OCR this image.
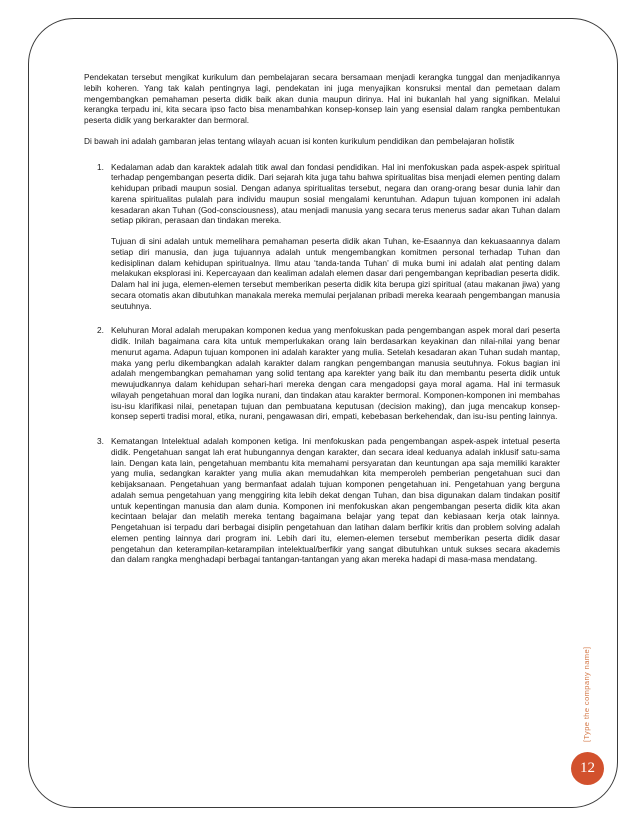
Pendekatan tersebut mengikat kurikulum dan pembelajaran secara bersamaan menjadi kerangka tunggal dan menjadikannya lebih koheren. Yang tak kalah pentingnya lagi, pendekatan ini juga menyajikan konsruksi mental dan pemetaan dalam mengembangkan pemahaman peserta didik baik akan dunia maupun dirinya. Hal ini bukanlah hal yang signifikan. Melalui kerangka terpadu ini, kita secara ipso facto bisa menambahkan konsep-konsep lain yang esensial dalam rangka pembentukan peserta didik yang berkarakter dan bermoral.

Di bawah ini adalah gambaran jelas tentang wilayah acuan isi konten kurikulum pendidikan dan pembelajaran holistik

1. Kedalaman adab dan karaktek adalah titik awal dan fondasi pendidikan. Hal ini menfokuskan pada aspek-aspek spiritual terhadap pengembangan peserta didik. Dari sejarah kita juga tahu bahwa spiritualitas bisa menjadi elemen penting dalam kehidupan pribadi maupun sosial. Dengan adanya spiritualitas tersebut, negara dan orang-orang besar dunia lahir dan karena spiritualitas pulalah para individu maupun sosial mengalami keruntuhan. Adapun tujuan komponen ini adalah kesadaran akan Tuhan (God-consciousness), atau menjadi manusia yang secara terus menerus sadar akan Tuhan dalam setiap pikiran, perasaan dan tindakan mereka.

Tujuan di sini adalah untuk memelihara pemahaman peserta didik akan Tuhan, ke-Esaannya dan kekuasaannya dalam setiap diri manusia, dan juga tujuannya adalah untuk mengembangkan komitmen personal terhadap Tuhan dan kedisiplinan dalam kehidupan spiritualnya. Ilmu atau ‘tanda-tanda Tuhan’ di muka bumi ini adalah alat penting dalam melakukan eksplorasi ini. Kepercayaan dan kealiman adalah elemen dasar dari pengembangan kepribadian peserta didik. Dalam hal ini juga, elemen-elemen tersebut memberikan peserta didik kita berupa gizi spiritual (atau makanan jiwa) yang secara otomatis akan dibutuhkan manakala mereka memulai perjalanan pribadi mereka kearaah pengembangan manusia seutuhnya.

2. Keluhuran Moral adalah merupakan komponen kedua yang menfokuskan pada pengembangan aspek moral dari peserta didik. Inilah bagaimana cara kita untuk memperlukakan orang lain berdasarkan keyakinan dan nilai-nilai yang benar menurut agama. Adapun tujuan komponen ini adalah karakter yang mulia. Setelah kesadaran akan Tuhan sudah mantap, maka yang perlu dikembangkan adalah karakter dalam rangkan pengembangan manusia seutuhnya. Fokus bagian ini adalah mengembangkan pemahaman yang solid tentang apa karekter yang baik itu dan membantu peserta didik untuk mewujudkannya dalam kehidupan sehari-hari mereka dengan cara mengadopsi gaya moral agama. Hal ini termasuk wilayah pengetahuan moral dan logika nurani, dan tindakan atau karakter bermoral. Komponen-komponen ini membahas isu-isu klarifikasi nilai, penetapan tujuan dan pembuatana keputusan (decision making), dan juga mencakup konsep-konsep seperti tradisi moral, etika, nurani, pengawasan diri, empati, kebebasan berkehendak, dan isu-isu penting lainnya.

3. Kematangan Intelektual adalah komponen ketiga. Ini menfokuskan pada pengembangan aspek-aspek intetual peserta didik. Pengetahuan sangat lah erat hubungannya dengan karakter, dan secara ideal keduanya adalah inklusif satu-sama lain. Dengan kata lain, pengetahuan membantu kita memahami persyaratan dan keuntungan apa saja memiliki karakter yang mulia, sedangkan karakter yang mulia akan memudahkan kita memperoleh pemberian pengetahuan suci dan kebijaksanaan. Pengetahuan yang bermanfaat adalah tujuan komponen pengetahuan ini. Pengetahuan yang berguna adalah semua pengetahuan yang menggiring kita lebih dekat dengan Tuhan, dan bisa digunakan dalam tindakan positif untuk kepentingan manusia dan alam dunia. Komponen ini menfokuskan akan pengembangan peserta didik kita akan kecintaan belajar dan melatih mereka tentang bagaimana belajar yang tepat dan kebiasaan kerja otak lainnya. Pengetahuan isi terpadu dari berbagai disiplin pengetahuan dan latihan dalam berfikir kritis dan problem solving adalah elemen penting lainnya dari program ini. Lebih dari itu, elemen-elemen tersebut memberikan peserta didik dasar pengetahun dan keterampilan-ketarampilan intelektual/berfikir yang sangat dibutuhkan untuk sukses secara akademis dan dalam rangka menghadapi berbagai tantangan-tantangan yang akan mereka hadapi di masa-masa mendatang.

[Type the company name]
12
